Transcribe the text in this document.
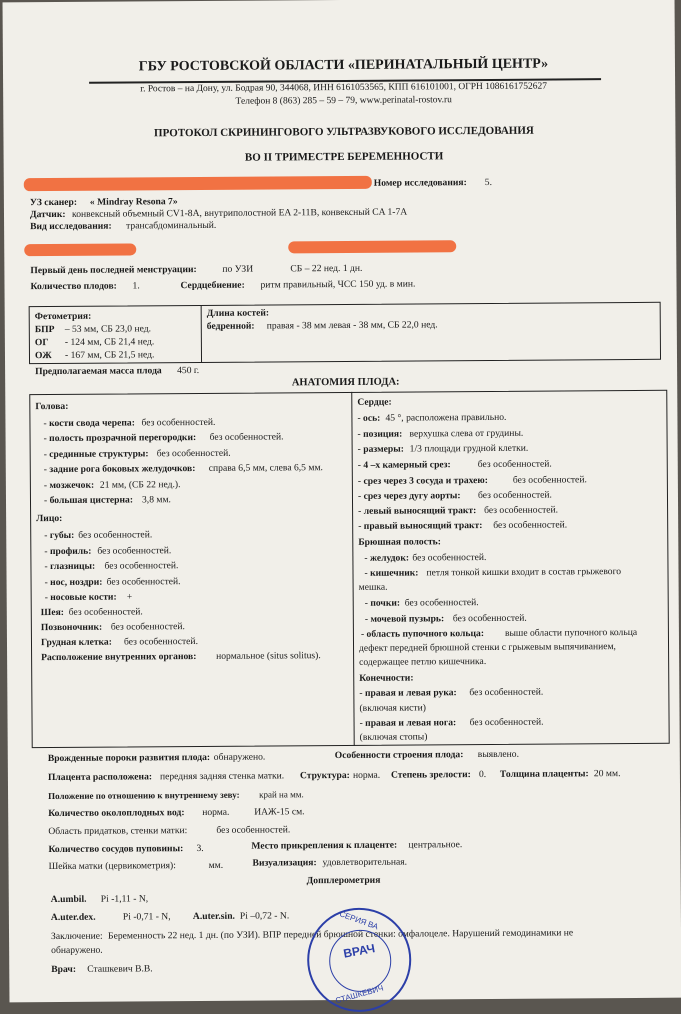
ГБУ РОСТОВСКОЙ ОБЛАСТИ «ПЕРИНАТАЛЬНЫЙ ЦЕНТР»
г. Ростов – на Дону, ул. Бодрая 90, 344068, ИНН 6161053565, КПП 616101001, ОГРН 1086161752627
Телефон 8 (863) 285 – 59 – 79, www.perinatal-rostov.ru
ПРОТОКОЛ СКРИНИНГОВОГО УЛЬТРАЗВУКОВОГО ИССЛЕДОВАНИЯ
ВО II ТРИМЕСТРЕ БЕРЕМЕННОСТИ
Номер исследования: 5.
УЗ сканер: « Mindray Resona 7»
Датчик: конвексный объемный CV1-8A, внутриполостной EA 2-11B, конвексный CA 1-7A
Вид исследования: трансабдоминальный.
Первый день последней менструации:	по УЗИ	СБ – 22 нед. 1 дн.
Количество плодов: 1.	Сердцебиение: ритм правильный, ЧСС 150 уд. в мин.
Фетометрия:
БПР – 53 мм, СБ 23,0 нед.
ОГ - 124 мм, СБ 21,4 нед.
ОЖ - 167 мм, СБ 21,5 нед.
Длина костей:
бедренной: правая - 38 мм левая - 38 мм, СБ 22,0 нед.
Предполагаемая масса плода 450 г.
АНАТОМИЯ ПЛОДА:
Голова:
- кости свода черепа: без особенностей.
- полость прозрачной перегородки: без особенностей.
- срединные структуры: без особенностей.
- задние рога боковых желудочков: справа 6,5 мм, слева 6,5 мм.
- мозжечок: 21 мм, (СБ 22 нед.).
- большая цистерна: 3,8 мм.
Лицо:
- губы: без особенностей.
- профиль: без особенностей.
- глазницы: без особенностей.
- нос, ноздри: без особенностей.
- носовые кости: +
Шея: без особенностей.
Позвоночник: без особенностей.
Грудная клетка: без особенностей.
Расположение внутренних органов: нормальное (situs solitus).
Сердце:
- ось: 45 °, расположена правильно.
- позиция: верхушка слева от грудины.
- размеры: 1/3 площади грудной клетки.
- 4 –х камерный срез:	без особенностей.
- срез через 3 сосуда и трахею:	без особенностей.
- срез через дугу аорты: без особенностей.
- левый выносящий тракт: без особенностей.
- правый выносящий тракт: без особенностей.
Брюшная полость:
- желудок: без особенностей.
- кишечник: петля тонкой кишки входит в состав грыжевого
мешка.
- почки: без особенностей.
- мочевой пузырь: без особенностей.
- область пупочного кольца: выше области пупочного кольца
дефект передней брюшной стенки с грыжевым выпячиванием,
содержащее петлю кишечника.
Конечности:
- правая и левая рука: без особенностей.
(включая кисти)
- правая и левая нога: без особенностей.
(включая стопы)
Врожденные пороки развития плода: обнаружено.	Особенности строения плода: выявлено.
Плацента расположена: передняя задняя стенка матки. Структура: норма. Степень зрелости: 0. Толщина плаценты: 20 мм.
Положение по отношению к внутреннему зеву: край на мм.
Количество околоплодных вод: норма.	ИАЖ-15 см.
Область придатков, стенки матки:	без особенностей.
Количество сосудов пуповины: 3.	Место прикрепления к плаценте: центральное.
Шейка матки (цервикометрия):	мм.	Визуализация: удовлетворительная.
Допплерометрия
A.umbil. Pi -1,11 - N,
A.uter.dex.	Pi -0,71 - N, A.uter.sin. Pi –0,72 - N.
Заключение: Беременность 22 нед. 1 дн. (по УЗИ). ВПР передней брюшной стенки: омфалоцеле. Нарушений гемодинамики не
обнаружено.
Врач: Сташкевич В.В.
СЕРИЯ ВА
ВРАЧ
СТАШКЕВИЧ
